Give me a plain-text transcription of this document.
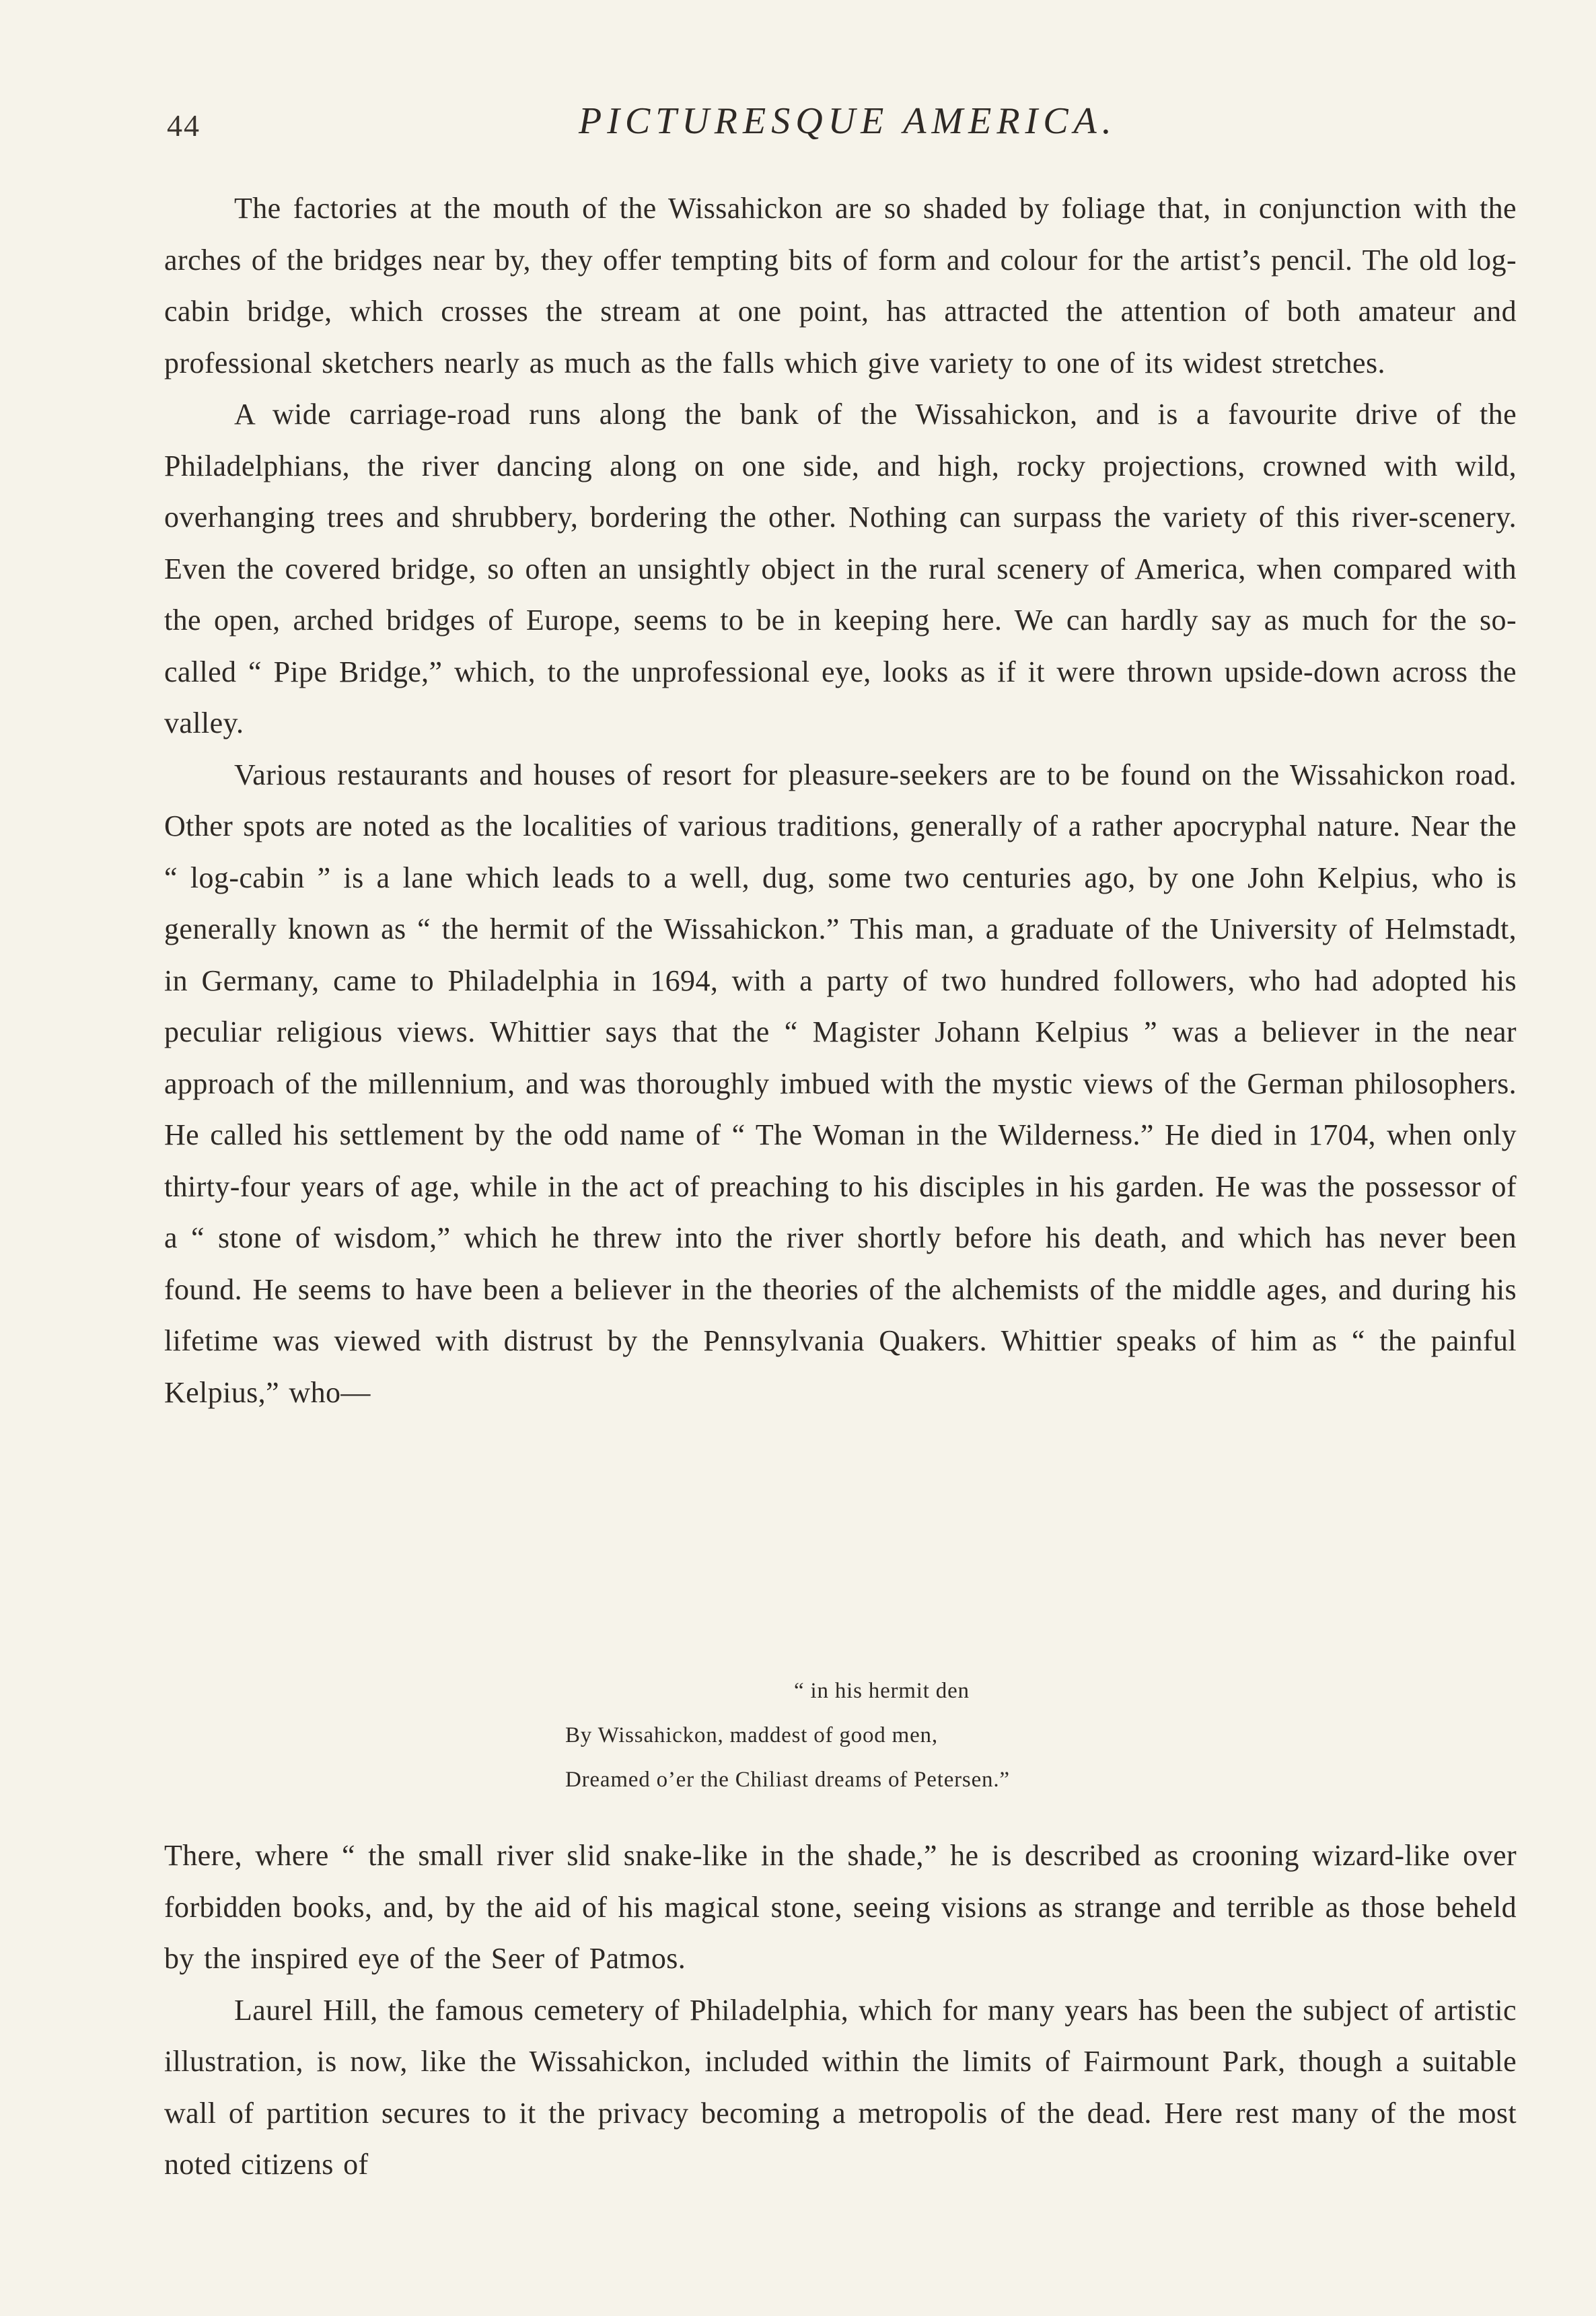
44	PICTURESQUE AMERICA.

The factories at the mouth of the Wissahickon are so shaded by foliage that, in conjunction with the arches of the bridges near by, they offer tempting bits of form and colour for the artist’s pencil. The old log-cabin bridge, which crosses the stream at one point, has attracted the attention of both amateur and professional sketchers nearly as much as the falls which give variety to one of its widest stretches.

A wide carriage-road runs along the bank of the Wissahickon, and is a favourite drive of the Philadelphians, the river dancing along on one side, and high, rocky projections, crowned with wild, overhanging trees and shrubbery, bordering the other. Nothing can surpass the variety of this river-scenery. Even the covered bridge, so often an unsightly object in the rural scenery of America, when compared with the open, arched bridges of Europe, seems to be in keeping here. We can hardly say as much for the so-called “ Pipe Bridge,” which, to the unprofessional eye, looks as if it were thrown upside-down across the valley.

Various restaurants and houses of resort for pleasure-seekers are to be found on the Wissahickon road. Other spots are noted as the localities of various traditions, generally of a rather apocryphal nature. Near the “ log-cabin ” is a lane which leads to a well, dug, some two centuries ago, by one John Kelpius, who is generally known as “ the hermit of the Wissahickon.” This man, a graduate of the University of Helmstadt, in Germany, came to Philadelphia in 1694, with a party of two hundred followers, who had adopted his peculiar religious views. Whittier says that the “ Magister Johann Kelpius ” was a believer in the near approach of the millennium, and was thoroughly imbued with the mystic views of the German philosophers. He called his settlement by the odd name of “ The Woman in the Wilderness.” He died in 1704, when only thirty-four years of age, while in the act of preaching to his disciples in his garden. He was the possessor of a “ stone of wisdom,” which he threw into the river shortly before his death, and which has never been found. He seems to have been a believer in the theories of the alchemists of the middle ages, and during his lifetime was viewed with distrust by the Pennsylvania Quakers. Whittier speaks of him as “ the painful Kelpius,” who—

“ in his hermit den
By Wissahickon, maddest of good men,
Dreamed o’er the Chiliast dreams of Petersen.”

There, where “ the small river slid snake-like in the shade,” he is described as crooning wizard-like over forbidden books, and, by the aid of his magical stone, seeing visions as strange and terrible as those beheld by the inspired eye of the Seer of Patmos.

Laurel Hill, the famous cemetery of Philadelphia, which for many years has been the subject of artistic illustration, is now, like the Wissahickon, included within the limits of Fairmount Park, though a suitable wall of partition secures to it the privacy becoming a metropolis of the dead. Here rest many of the most noted citizens of
